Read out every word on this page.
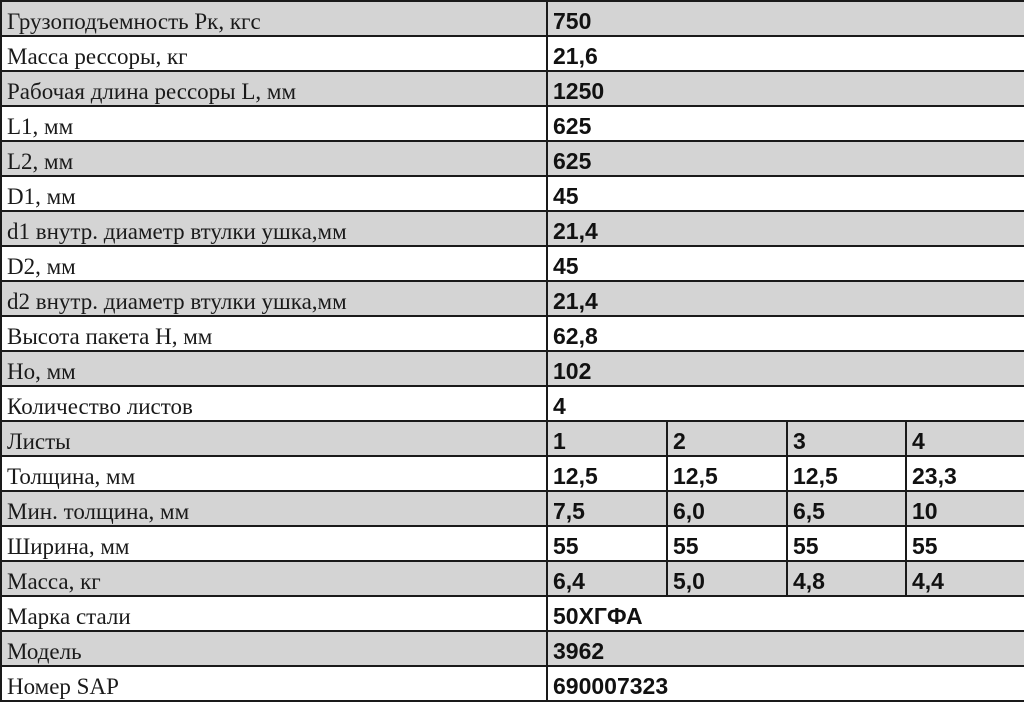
Грузоподъемность Рк, кгс	750			
Масса рессоры, кг	21,6			
Рабочая длина рессоры L, мм	1250			
L1, мм	625			
L2, мм	625			
D1, мм	45			
d1 внутр. диаметр втулки ушка,мм	21,4			
D2, мм	45			
d2 внутр. диаметр втулки ушка,мм	21,4			
Высота пакета H, мм	62,8			
Ho, мм	102			
Количество листов	4			
Листы	1	2	3	4
Толщина, мм	12,5	12,5	12,5	23,3
Мин. толщина, мм	7,5	6,0	6,5	10
Ширина, мм	55	55	55	55
Масса, кг	6,4	5,0	4,8	4,4
Марка стали	50ХГФА			
Модель	3962			
Номер SAP	690007323			
